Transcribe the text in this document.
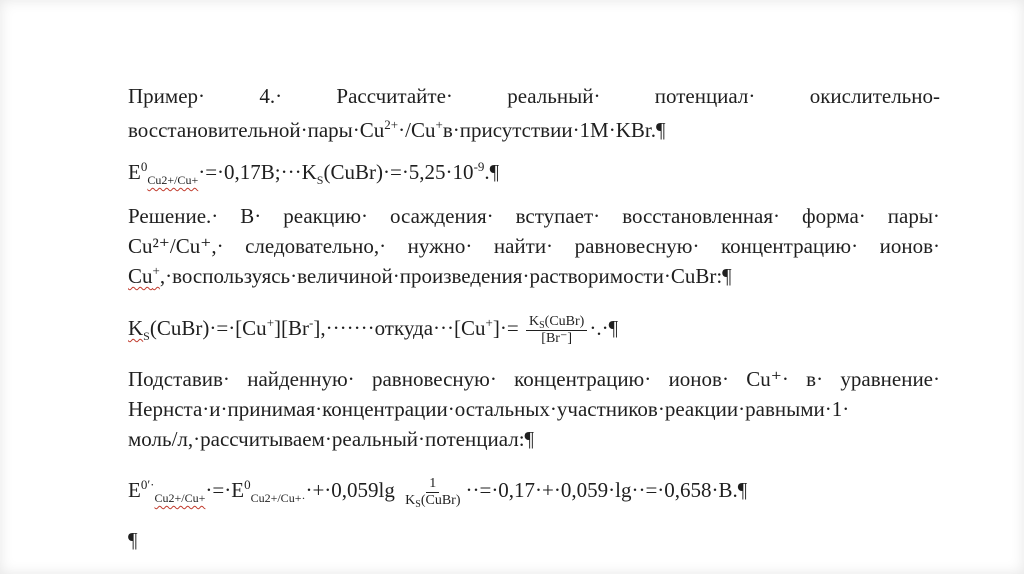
Пример·	4.·	Рассчитайте·	реальный·	потенциал·	окислительно-
$восстановительной\cdot пары\cdot Cu^{2+}\cdot/Cu^+в\cdot присутствии\cdot 1М\cdot KBr.\P$
$E^0_{Cu2+/Cu+}\cdot=\cdot 0,17В;\cdot\cdot\cdot K_S(CuBr)\cdot=\cdot 5,25\cdot 10^{-9}.\P$
Решение.· В· реакцию· осаждения· вступает· восстановленная· форма· пары·
Cu²⁺/Cu⁺,· следовательно,· нужно· найти· равновесную· концентрацию· ионов·
Cu+,·воспользуясь·величиной·произведения·растворимости·CuBr:¶
$K_S(CuBr)\cdot=\cdot[Cu^+][Br^-],\cdot\cdot\cdot\cdot\cdot\cdot\cdot откуда\cdot\cdot\cdot[Cu^+]\cdot= \frac{K_S(CuBr)}{[Br^-]}$ ·.·¶
Подставив· найденную· равновесную· концентрацию· ионов· Cu⁺· в· уравнение·
Нернста·и·принимая·концентрации·остальных·участников·реакции·равными·1·
моль/л,·рассчитываем·реальный·потенциал:¶
$E^{0'\cdot}_{Cu2+/Cu+}\cdot=\cdot E^0_{Cu2+/Cu+\cdot}\cdot+\cdot 0,059\lg \frac{1}{K_S(CuBr)}$ ··=·0,17·+·0,059·lg··=·0,658·В.¶
¶
